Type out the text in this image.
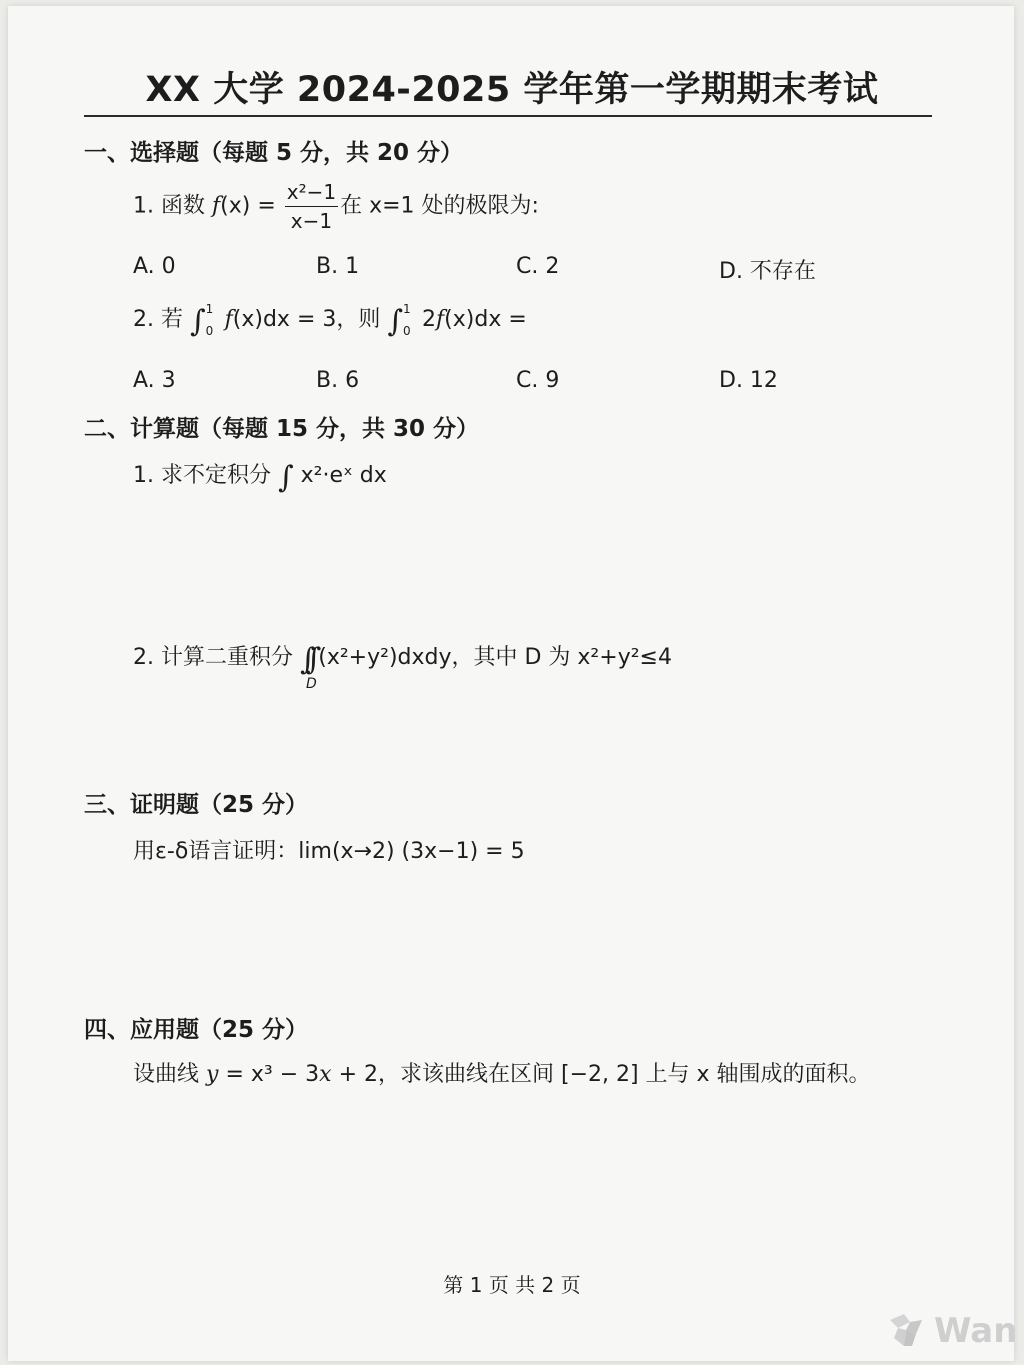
XX 大学 2024-2025 学年第一学期期末考试
一、选择题（每题 5 分，共 20 分）
1. 函数 $f(x) = \frac{\text{x²−1}}{x-1}$ 在 x=1 处的极限为:
A. 0	B. 1	C. 2	D. 不存在
2. 若 ∫ 1
0 f(x)dx = 3，则 ∫ 1
0 2f(x)dx =
A. 3	B. 6	C. 9	D. 12
二、计算题（每题 15 分，共 30 分）
1. 求不定积分 ∫ x²·eˣ dx
2. 计算二重积分 ∫∫
D
(x²+y²)dxdy，其中 D 为 x²+y²≤4
三、证明题（25 分）
用ε-δ语言证明：lim(x→2) (3x−1) = 5
四、应用题（25 分）
设曲线 y = x³ − 3x + 2，求该曲线在区间 [−2, 2] 上与 x 轴围成的面积。
第 1 页 共 2 页
Wan
